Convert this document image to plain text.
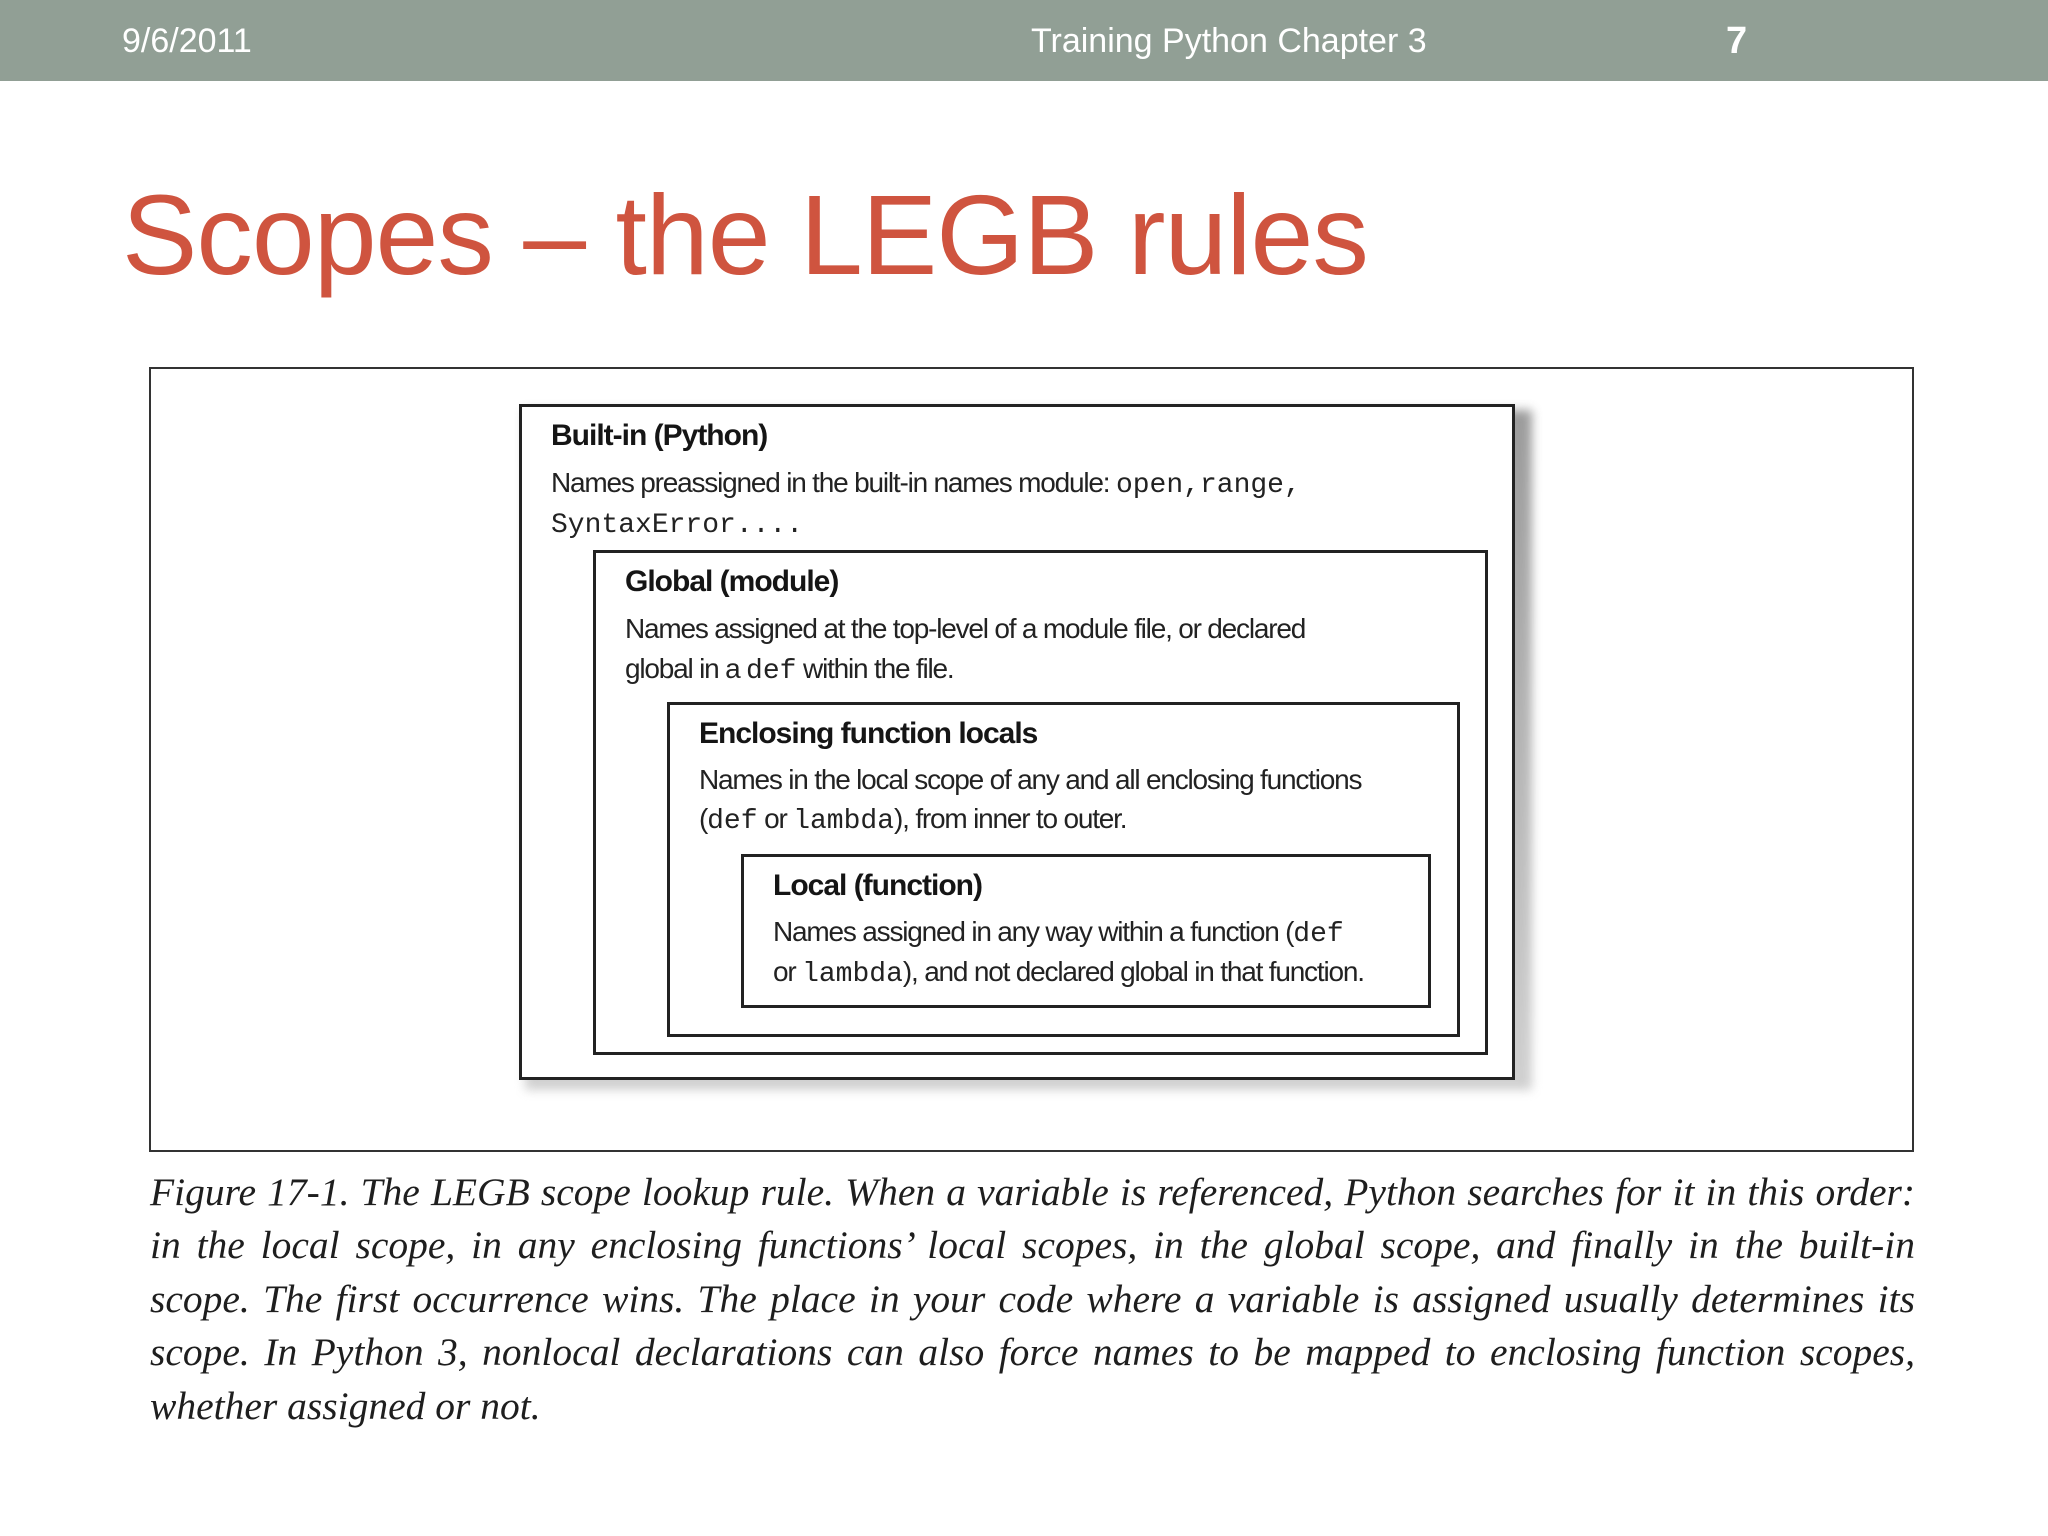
9/6/2011	Training Python Chapter 3	7
Scopes – the LEGB rules
Built-in (Python)
Names preassigned in the built-in names module: open,range,
SyntaxError....
Global (module)
Names assigned at the top-level of a module file, or declared
global in a def within the file.
Enclosing function locals
Names in the local scope of any and all enclosing functions
(def or lambda), from inner to outer.
Local (function)
Names assigned in any way within a function (def
or lambda), and not declared global in that function.
Figure 17-1. The LEGB scope lookup rule. When a variable is referenced, Python searches for it in this order: in the local scope, in any enclosing functions’ local scopes, in the global scope, and finally in the built-in scope. The first occurrence wins. The place in your code where a variable is assigned usually determines its scope. In Python 3, nonlocal declarations can also force names to be mapped to enclosing function scopes, whether assigned or not.
